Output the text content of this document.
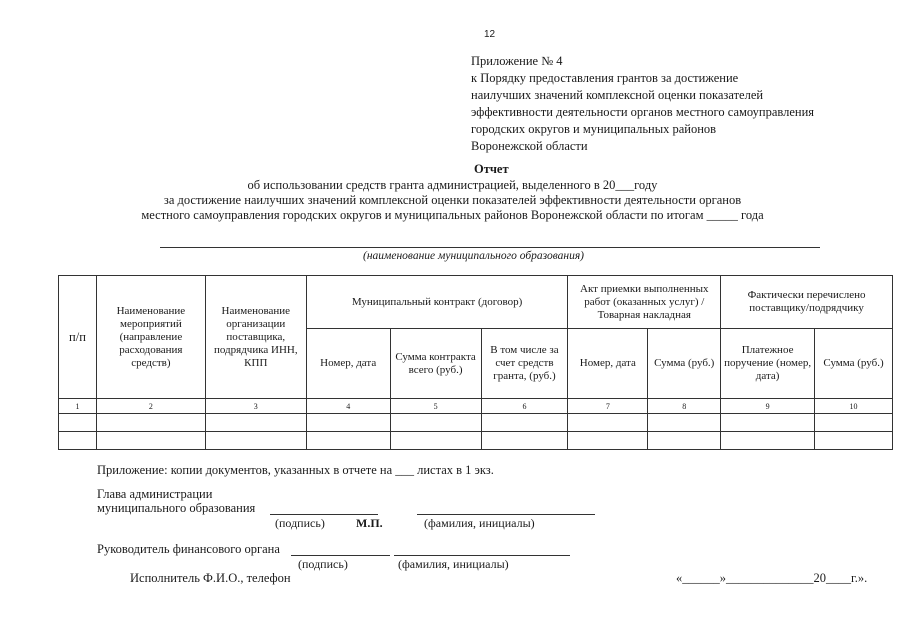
12
Приложение № 4
к Порядку предоставления грантов за достижение
наилучших значений комплексной оценки показателей
эффективности деятельности органов местного самоуправления
городских округов и муниципальных районов
Воронежской области
Отчет
об использовании средств гранта администрацией, выделенного в 20___году
за достижение наилучших значений комплексной оценки показателей эффективности деятельности органов
местного самоуправления городских округов и муниципальных районов Воронежской области по итогам _____ года
(наименование муниципального образования)
п/п	Наименование мероприятий (направление расходования средств)	Наименование организации поставщика, подрядчика ИНН, КПП	Муниципальный контракт (договор)			Акт приемки выполненных работ (оказанных услуг) / Товарная накладная		Фактически перечислено поставщику/подрядчику	
			Номер, дата	Сумма контракта всего (руб.)	В том числе за счет средств гранта, (руб.)	Номер, дата	Сумма (руб.)	Платежное поручение (номер, дата)	Сумма (руб.)
1	2	3	4	5	6	7	8	9	10

Приложение: копии документов, указанных в отчете на ___ листах в 1 экз.
Глава администрации
муниципального образования
(подпись)	М.П.	(фамилия, инициалы)
Руководитель финансового органа
(подпись)	(фамилия, инициалы)
Исполнитель Ф.И.О., телефон	«______»______________20____г.».
